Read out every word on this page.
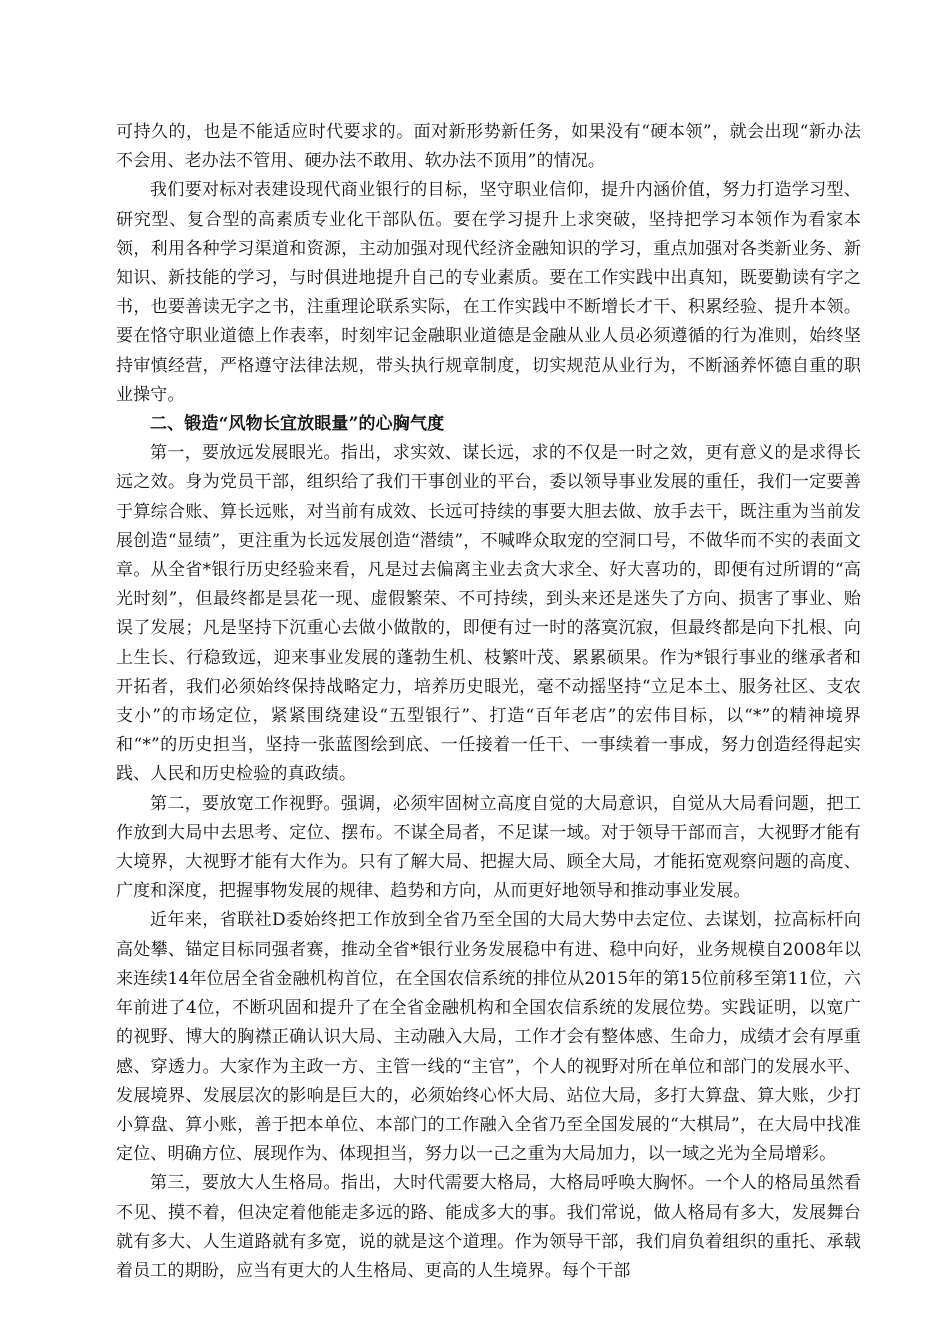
可持久的，也是不能适应时代要求的。面对新形势新任务，如果没有“硬本领”，就会出现“新办法不会用、老办法不管用、硬办法不敢用、软办法不顶用”的情况。

我们要对标对表建设现代商业银行的目标，坚守职业信仰，提升内涵价值，努力打造学习型、研究型、复合型的高素质专业化干部队伍。要在学习提升上求突破，坚持把学习本领作为看家本领，利用各种学习渠道和资源，主动加强对现代经济金融知识的学习，重点加强对各类新业务、新知识、新技能的学习，与时俱进地提升自己的专业素质。要在工作实践中出真知，既要勤读有字之书，也要善读无字之书，注重理论联系实际，在工作实践中不断增长才干、积累经验、提升本领。要在恪守职业道德上作表率，时刻牢记金融职业道德是金融从业人员必须遵循的行为准则，始终坚持审慎经营，严格遵守法律法规，带头执行规章制度，切实规范从业行为，不断涵养怀德自重的职业操守。

二、锻造“风物长宜放眼量”的心胸气度

第一，要放远发展眼光。指出，求实效、谋长远，求的不仅是一时之效，更有意义的是求得长远之效。身为党员干部，组织给了我们干事创业的平台，委以领导事业发展的重任，我们一定要善于算综合账、算长远账，对当前有成效、长远可持续的事要大胆去做、放手去干，既注重为当前发展创造“显绩”，更注重为长远发展创造“潜绩”，不喊哗众取宠的空洞口号，不做华而不实的表面文章。从全省*银行历史经验来看，凡是过去偏离主业去贪大求全、好大喜功的，即便有过所谓的“高光时刻”，但最终都是昙花一现、虚假繁荣、不可持续，到头来还是迷失了方向、损害了事业、贻误了发展；凡是坚持下沉重心去做小做散的，即便有过一时的落寞沉寂，但最终都是向下扎根、向上生长、行稳致远，迎来事业发展的蓬勃生机、枝繁叶茂、累累硕果。作为*银行事业的继承者和开拓者，我们必须始终保持战略定力，培养历史眼光，毫不动摇坚持“立足本土、服务社区、支农支小”的市场定位，紧紧围绕建设“五型银行”、打造“百年老店”的宏伟目标，以“*”的精神境界和“*”的历史担当，坚持一张蓝图绘到底、一任接着一任干、一事续着一事成，努力创造经得起实践、人民和历史检验的真政绩。

第二，要放宽工作视野。强调，必须牢固树立高度自觉的大局意识，自觉从大局看问题，把工作放到大局中去思考、定位、摆布。不谋全局者，不足谋一域。对于领导干部而言，大视野才能有大境界，大视野才能有大作为。只有了解大局、把握大局、顾全大局，才能拓宽观察问题的高度、广度和深度，把握事物发展的规律、趋势和方向，从而更好地领导和推动事业发展。

近年来，省联社D委始终把工作放到全省乃至全国的大局大势中去定位、去谋划，拉高标杆向高处攀、锚定目标同强者赛，推动全省*银行业务发展稳中有进、稳中向好，业务规模自2008年以来连续14年位居全省金融机构首位，在全国农信系统的排位从2015年的第15位前移至第11位，六年前进了4位，不断巩固和提升了在全省金融机构和全国农信系统的发展位势。实践证明，以宽广的视野、博大的胸襟正确认识大局、主动融入大局，工作才会有整体感、生命力，成绩才会有厚重感、穿透力。大家作为主政一方、主管一线的“主官”，个人的视野对所在单位和部门的发展水平、发展境界、发展层次的影响是巨大的，必须始终心怀大局、站位大局，多打大算盘、算大账，少打小算盘、算小账，善于把本单位、本部门的工作融入全省乃至全国发展的“大棋局”，在大局中找准定位、明确方位、展现作为、体现担当，努力以一己之重为大局加力，以一域之光为全局增彩。

第三，要放大人生格局。指出，大时代需要大格局，大格局呼唤大胸怀。一个人的格局虽然看不见、摸不着，但决定着他能走多远的路、能成多大的事。我们常说，做人格局有多大，发展舞台就有多大、人生道路就有多宽，说的就是这个道理。作为领导干部，我们肩负着组织的重托、承载着员工的期盼，应当有更大的人生格局、更高的人生境界。每个干部
